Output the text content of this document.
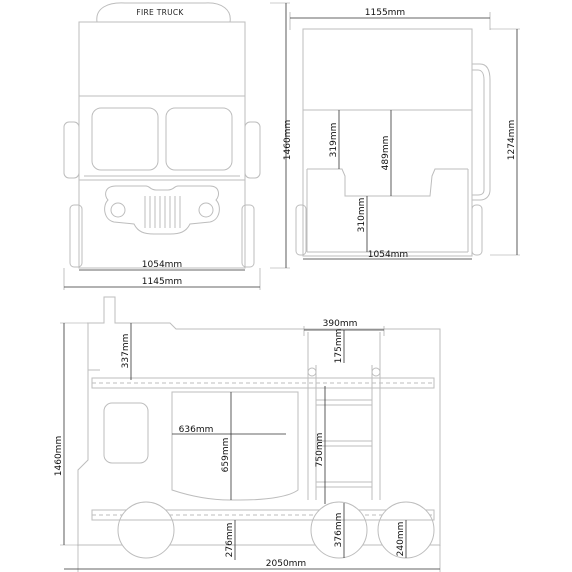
FIRE TRUCK
1460mm
1054mm
1145mm
1155mm
1274mm
319mm	489mm
310mm
1054mm
390mm
175mm
337mm
636mm
659mm	750mm
276mm	376mm	240mm
1460mm
2050mm
